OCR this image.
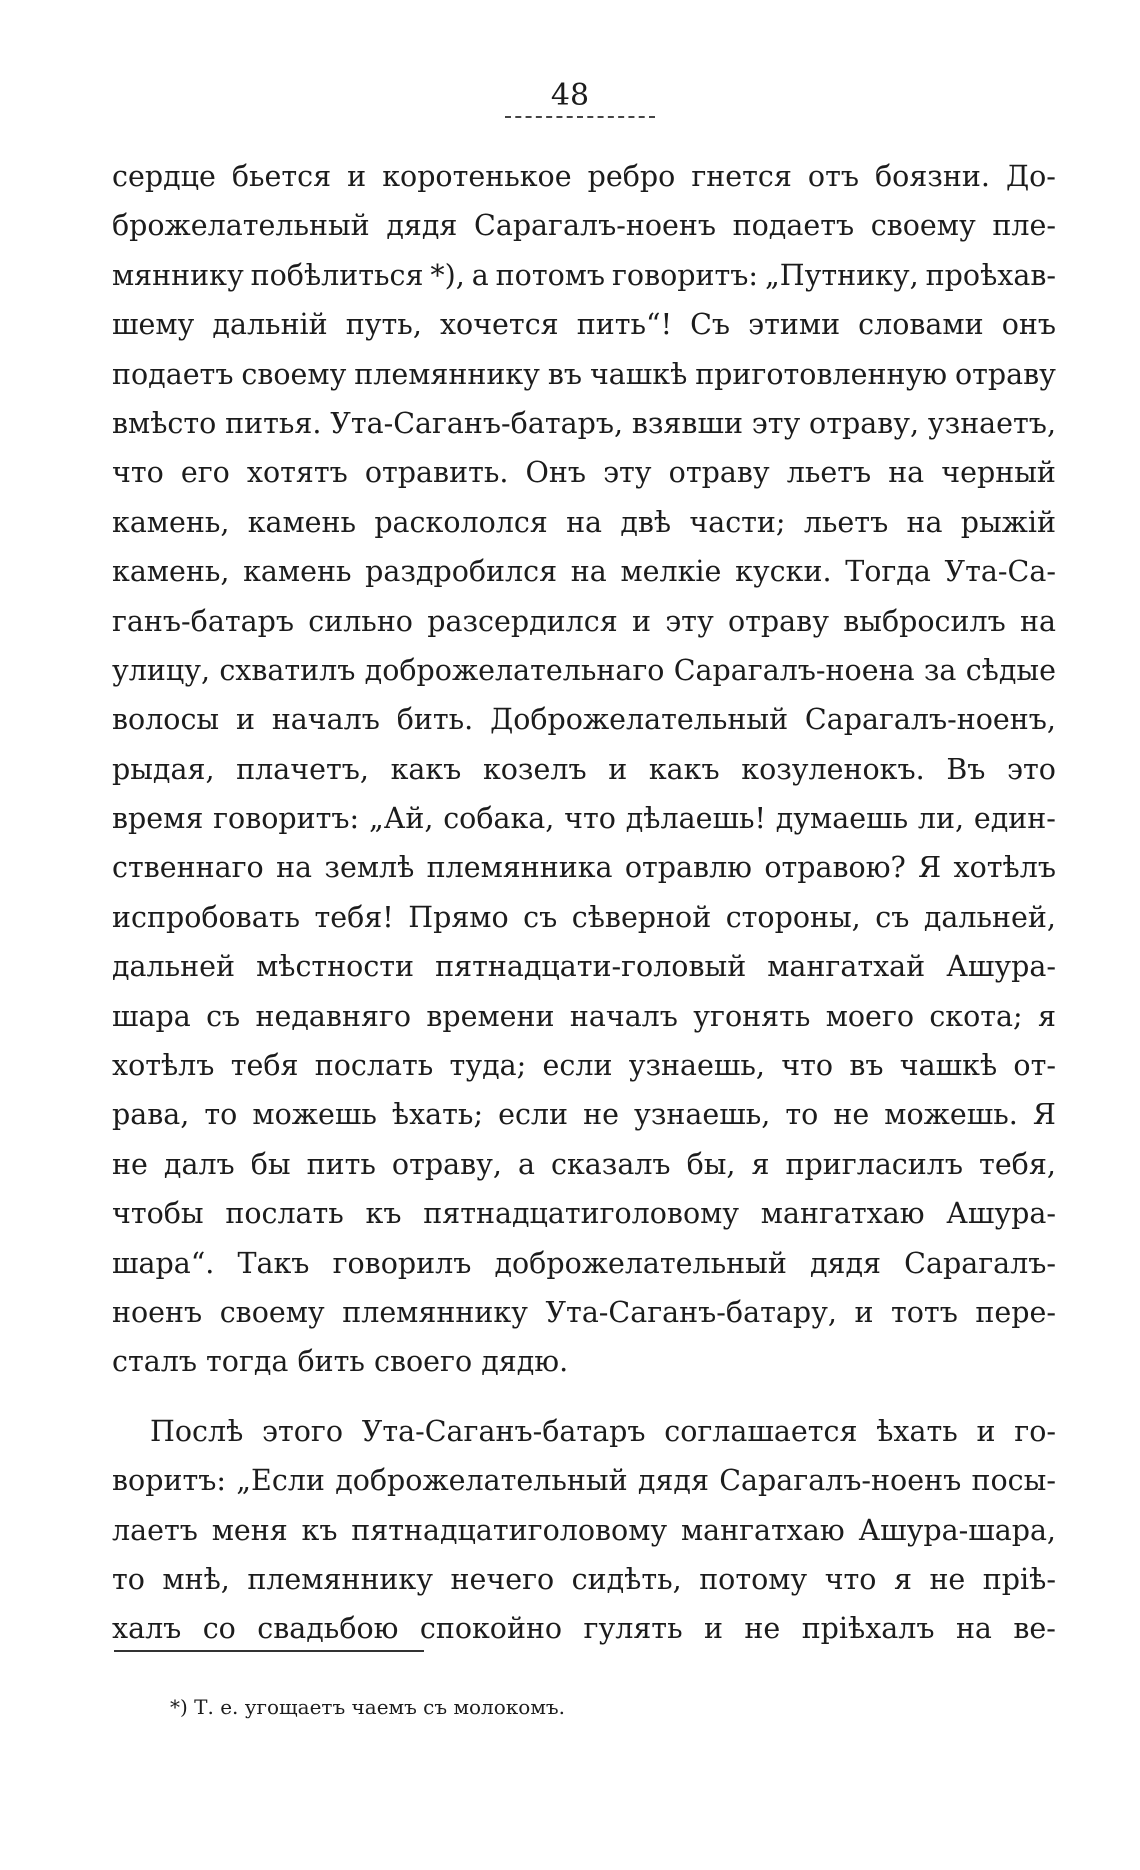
48
сердце бьется и коротенькое ребро гнется отъ боязни. До-
брожелательный дядя Сарагалъ-ноенъ подаетъ своему пле-
мяннику побѣлиться *), а потомъ говоритъ: „Путнику, проѣхав-
шему дальній путь, хочется пить“! Съ этими словами онъ
подаетъ своему племяннику въ чашкѣ приготовленную отраву
вмѣсто питья. Ута-Саганъ-батаръ, взявши эту отраву, узнаетъ,
что его хотятъ отравить. Онъ эту отраву льетъ на черный
камень, камень раскололся на двѣ части; льетъ на рыжій
камень, камень раздробился на мелкіе куски. Тогда Ута-Са-
ганъ-батаръ сильно разсердился и эту отраву выбросилъ на
улицу, схватилъ доброжелательнаго Сарагалъ-ноена за сѣдые
волосы и началъ бить. Доброжелательный Сарагалъ-ноенъ,
рыдая, плачетъ, какъ козелъ и какъ козуленокъ. Въ это
время говоритъ: „Ай, собака, что дѣлаешь! думаешь ли, един-
ственнаго на землѣ племянника отравлю отравою? Я хотѣлъ
испробовать тебя! Прямо съ сѣверной стороны, съ дальней,
дальней мѣстности пятнадцати-головый мангатхай Ашура-
шара съ недавняго времени началъ угонять моего скота; я
хотѣлъ тебя послать туда; если узнаешь, что въ чашкѣ от-
рава, то можешь ѣхать; если не узнаешь, то не можешь. Я
не далъ бы пить отраву, а сказалъ бы, я пригласилъ тебя,
чтобы послать къ пятнадцатиголовому мангатхаю Ашура-
шара“. Такъ говорилъ доброжелательный дядя Сарагалъ-
ноенъ своему племяннику Ута-Саганъ-батару, и тотъ пере-
сталъ
тогда
бить
своего
дядю.
Послѣ этого Ута-Саганъ-батаръ соглашается ѣхать и го-
воритъ: „Если доброжелательный дядя Сарагалъ-ноенъ посы-
лаетъ меня къ пятнадцатиголовому мангатхаю Ашура-шара,
то мнѣ, племяннику нечего сидѣть, потому что я не пріѣ-
халъ со свадьбою спокойно гулять и не пріѣхалъ на ве-
*) Т. е. угощаетъ чаемъ съ молокомъ.
